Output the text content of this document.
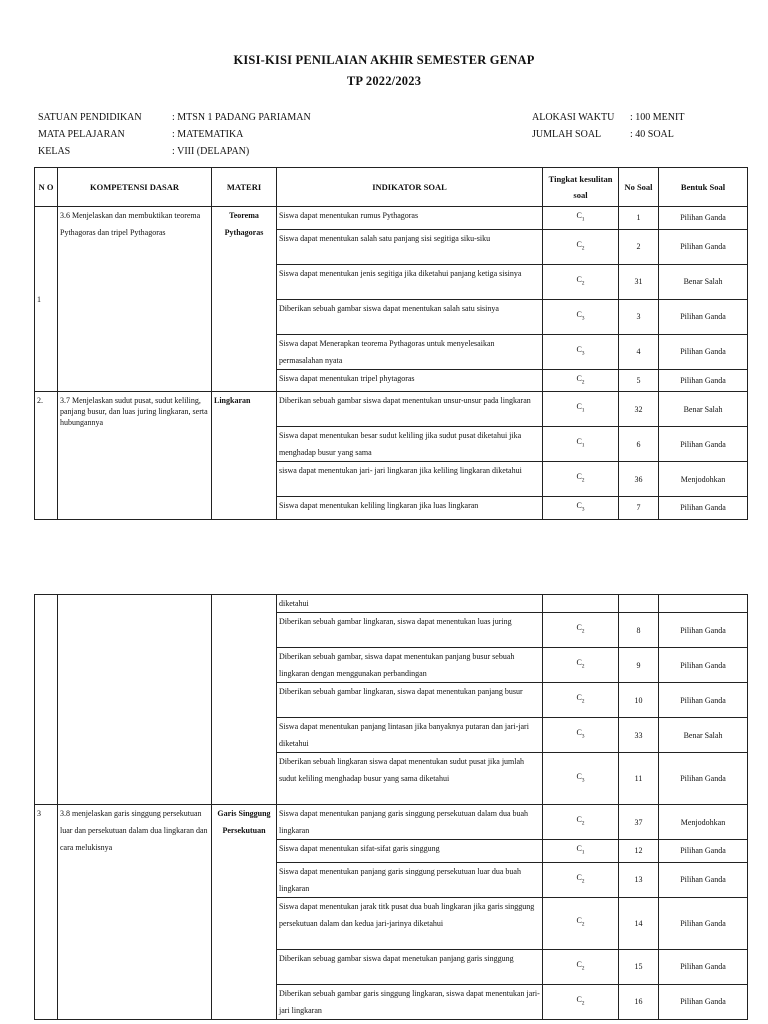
KISI-KISI PENILAIAN AKHIR SEMESTER GENAP
TP 2022/2023
SATUAN PENDIDIKAN	: MTSN 1 PADANG PARIAMAN
MATA PELAJARAN	: MATEMATIKA
KELAS	: VIII (DELAPAN)
ALOKASI WAKTU : 100 MENIT
JUMLAH SOAL	: 40 SOAL
N O	KOMPETENSI DASAR	MATERI	INDIKATOR SOAL	Tingkat kesulitan soal	No Soal	Bentuk Soal
1	3.6 Menjelaskan dan membuktikan teorema Pythagoras dan tripel Pythagoras	Teorema Pythagoras	Siswa dapat menentukan rumus Pythagoras	$C_1$	1	Pilihan Ganda
			Siswa dapat menentukan salah satu panjang sisi segitiga siku-siku	$C_2$	2	Pilihan Ganda
			Siswa dapat menentukan jenis segitiga jika diketahui panjang ketiga sisinya	$C_2$	31	Benar Salah
			Diberikan sebuah gambar siswa dapat menentukan salah satu sisinya	$C_3$	3	Pilihan Ganda
			Siswa dapat Menerapkan teorema Pythagoras untuk menyelesaikan permasalahan nyata	$C_3$	4	Pilihan Ganda
			Siswa dapat menentukan tripel phytagoras	$C_2$	5	Pilihan Ganda
2.	3.7 Menjelaskan sudut pusat, sudut keliling, panjang busur, dan luas juring lingkaran, serta hubungannya	Lingkaran	Diberikan sebuah gambar siswa dapat menentukan unsur-unsur pada lingkaran	$C_1$	32	Benar Salah
			Siswa dapat menentukan besar sudut keliling jika sudut pusat diketahui jika menghadap busur yang sama	$C_1$	6	Pilihan Ganda
			siswa dapat menentukan jari- jari lingkaran jika keliling lingkaran diketahui	$C_2$	36	Menjodohkan
			Siswa dapat menentukan keliling lingkaran jika luas lingkaran	$C_3$	7	Pilihan Ganda
			diketahui			
			Diberikan sebuah gambar lingkaran, siswa dapat menentukan luas juring	$C_2$	8	Pilihan Ganda
			Diberikan sebuah gambar, siswa dapat menentukan panjang busur sebuah lingkaran dengan menggunakan perbandingan	$C_2$	9	Pilihan Ganda
			Diberikan sebuah gambar lingkaran, siswa dapat menentukan panjang busur	$C_2$	10	Pilihan Ganda
			Siswa dapat menentukan panjang lintasan jika banyaknya putaran dan jari-jari diketahui	$C_3$	33	Benar Salah
			Diberikan sebuah lingkaran siswa dapat menentukan sudut pusat jika jumlah sudut keliling menghadap busur yang sama diketahui	$C_3$	11	Pilihan Ganda
3	3.8 menjelaskan garis singgung persekutuan luar dan persekutuan dalam dua lingkaran dan cara melukisnya	Garis Singgung Persekutuan	Siswa dapat menentukan panjang garis singgung persekutuan dalam dua buah lingkaran	$C_2$	37	Menjodohkan
			Siswa dapat menentukan sifat-sifat garis singgung	$C_1$	12	Pilihan Ganda
			Siswa dapat menentukan panjang garis singgung persekutuan luar dua buah lingkaran	$C_2$	13	Pilihan Ganda
			Siswa dapat menentukan jarak titk pusat dua buah lingkaran jika garis singgung persekutuan dalam dan kedua jari-jarinya diketahui	$C_2$	14	Pilihan Ganda
			Diberikan sebuag gambar siswa dapat menetukan panjang garis singgung	$C_2$	15	Pilihan Ganda
			Diberikan sebuah gambar garis singgung lingkaran, siswa dapat menentukan jari-jari lingkaran	$C_2$	16	Pilihan Ganda
